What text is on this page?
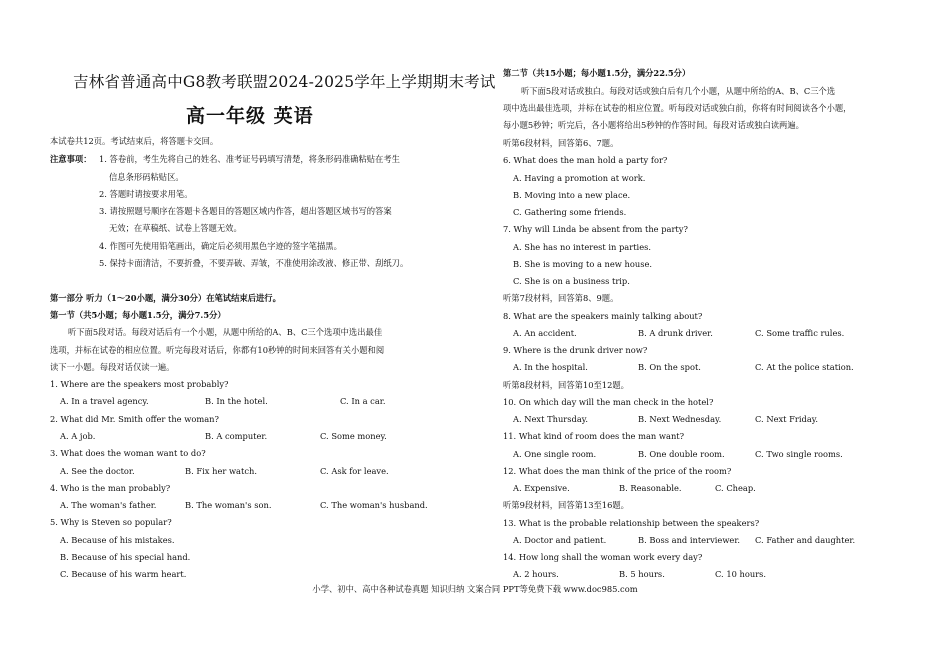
吉林省普通高中G8教考联盟2024-2025学年上学期期末考试
高一年级 英语
本试卷共12页。考试结束后，将答题卡交回。
注意事项： 1. 答卷前，考生先将自己的姓名、准考证号码填写清楚，将条形码准确粘贴在考生
信息条形码粘贴区。
2. 答题时请按要求用笔。
3. 请按照题号顺序在答题卡各题目的答题区域内作答，超出答题区域书写的答案
无效；在草稿纸、试卷上答题无效。
4. 作图可先使用铅笔画出，确定后必须用黑色字迹的签字笔描黑。
5. 保持卡面清洁，不要折叠，不要弄破、弄皱，不准使用涂改液、修正带、刮纸刀。
第一部分 听力（1～20小题，满分30分）在笔试结束后进行。
第一节（共5小题；每小题1.5分，满分7.5分）
听下面5段对话。每段对话后有一个小题，从题中所给的A、B、C三个选项中选出最佳
选项，并标在试卷的相应位置。听完每段对话后，你都有10秒钟的时间来回答有关小题和阅
读下一小题。每段对话仅读一遍。
1. Where are the speakers most probably?
A. In a travel agency.	B. In the hotel.	C. In a car.
2. What did Mr. Smith offer the woman?
A. A job.	B. A computer.	C. Some money.
3. What does the woman want to do?
A. See the doctor.	B. Fix her watch.	C. Ask for leave.
4. Who is the man probably?
A. The woman's father.	B. The woman's son.	C. The woman's husband.
5. Why is Steven so popular?
A. Because of his mistakes.
B. Because of his special hand.
C. Because of his warm heart.
第二节（共15小题；每小题1.5分，满分22.5分）
听下面5段对话或独白。每段对话或独白后有几个小题，从题中所给的A、B、C三个选
项中选出最佳选项，并标在试卷的相应位置。听每段对话或独白前，你将有时间阅读各个小题，
每小题5秒钟；听完后，各小题将给出5秒钟的作答时间。每段对话或独白读两遍。
听第6段材料，回答第6、7题。
6. What does the man hold a party for?
A. Having a promotion at work.
B. Moving into a new place.
C. Gathering some friends.
7. Why will Linda be absent from the party?
A. She has no interest in parties.
B. She is moving to a new house.
C. She is on a business trip.
听第7段材料，回答第8、9题。
8. What are the speakers mainly talking about?
A. An accident.	B. A drunk driver.	C. Some traffic rules.
9. Where is the drunk driver now?
A. In the hospital.	B. On the spot.	C. At the police station.
听第8段材料，回答第10至12题。
10. On which day will the man check in the hotel?
A. Next Thursday.	B. Next Wednesday.	C. Next Friday.
11. What kind of room does the man want?
A. One single room.	B. One double room.	C. Two single rooms.
12. What does the man think of the price of the room?
A. Expensive.	B. Reasonable.	C. Cheap.
听第9段材料，回答第13至16题。
13. What is the probable relationship between the speakers?
A. Doctor and patient.	B. Boss and interviewer. C. Father and daughter.
14. How long shall the woman work every day?
A. 2 hours.	B. 5 hours.	C. 10 hours.
小学、初中、高中各种试卷真题 知识归纳 文案合同 PPT等免费下载 www.doc985.com
